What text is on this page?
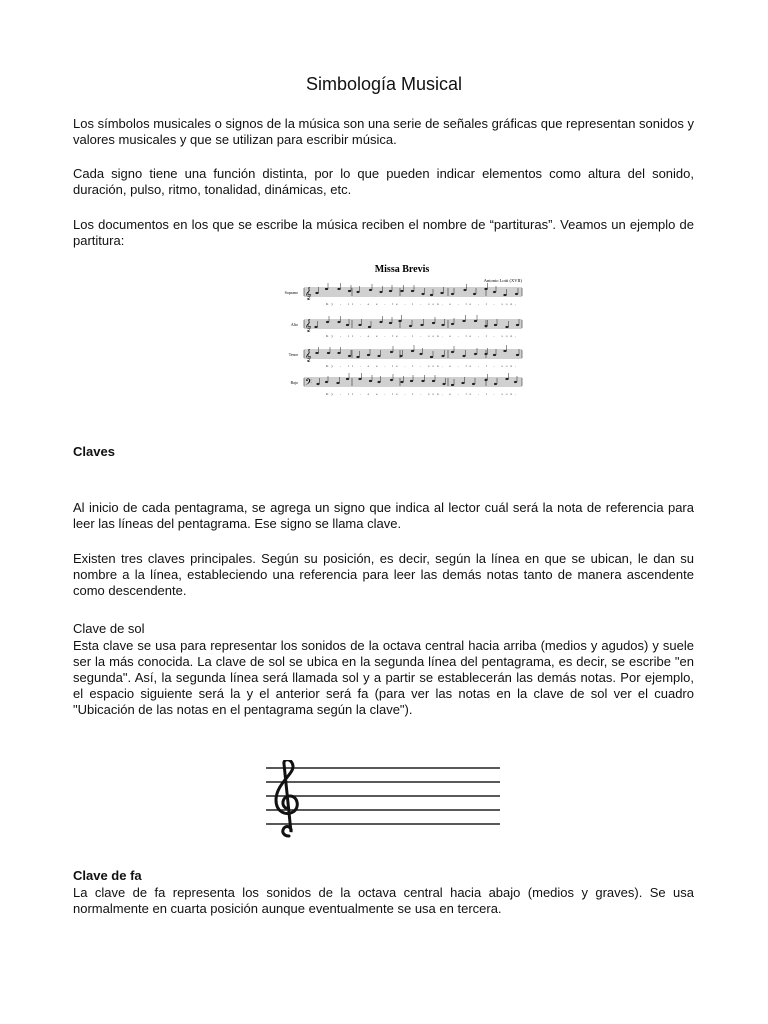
Simbología Musical

Los símbolos musicales o signos de la música son una serie de señales gráficas que representan sonidos y valores musicales y que se utilizan para escribir música.

Cada signo tiene una función distinta, por lo que pueden indicar elementos como altura del sonido, duración, pulso, ritmo, tonalidad, dinámicas, etc.

Los documentos en los que se escribe la música reciben el nombre de “partituras”. Veamos un ejemplo de partitura:

Missa Brevis
Antonio Lotti (XVII)
Soprano 𝄞
Ky - ri - e e - le - i - son, e - le - i - son,
Alto 𝄞
Ky - ri - e e - le - i - son, e - le - i - son,
Tenor 𝄞
Ky - ri - e e - le - i - son, e - le - i - son,
Bajo 𝄢
Ky - ri - e e - le - i - son, e - le - i - son,
Claves

Al inicio de cada pentagrama, se agrega un signo que indica al lector cuál será la nota de referencia para leer las líneas del pentagrama. Ese signo se llama clave.

Existen tres claves principales. Según su posición, es decir, según la línea en que se ubican, le dan su nombre a la línea, estableciendo una referencia para leer las demás notas tanto de manera ascendente como descendente.

Clave de sol

Esta clave se usa para representar los sonidos de la octava central hacia arriba (medios y agudos) y suele ser la más conocida. La clave de sol se ubica en la segunda línea del pentagrama, es decir, se escribe "en segunda". Así, la segunda línea será llamada sol y a partir se establecerán las demás notas. Por ejemplo, el espacio siguiente será la y el anterior será fa (para ver las notas en la clave de sol ver el cuadro "Ubicación de las notas en el pentagrama según la clave").

Clave de fa

La clave de fa representa los sonidos de la octava central hacia abajo (medios y graves). Se usa normalmente en cuarta posición aunque eventualmente se usa en tercera.
